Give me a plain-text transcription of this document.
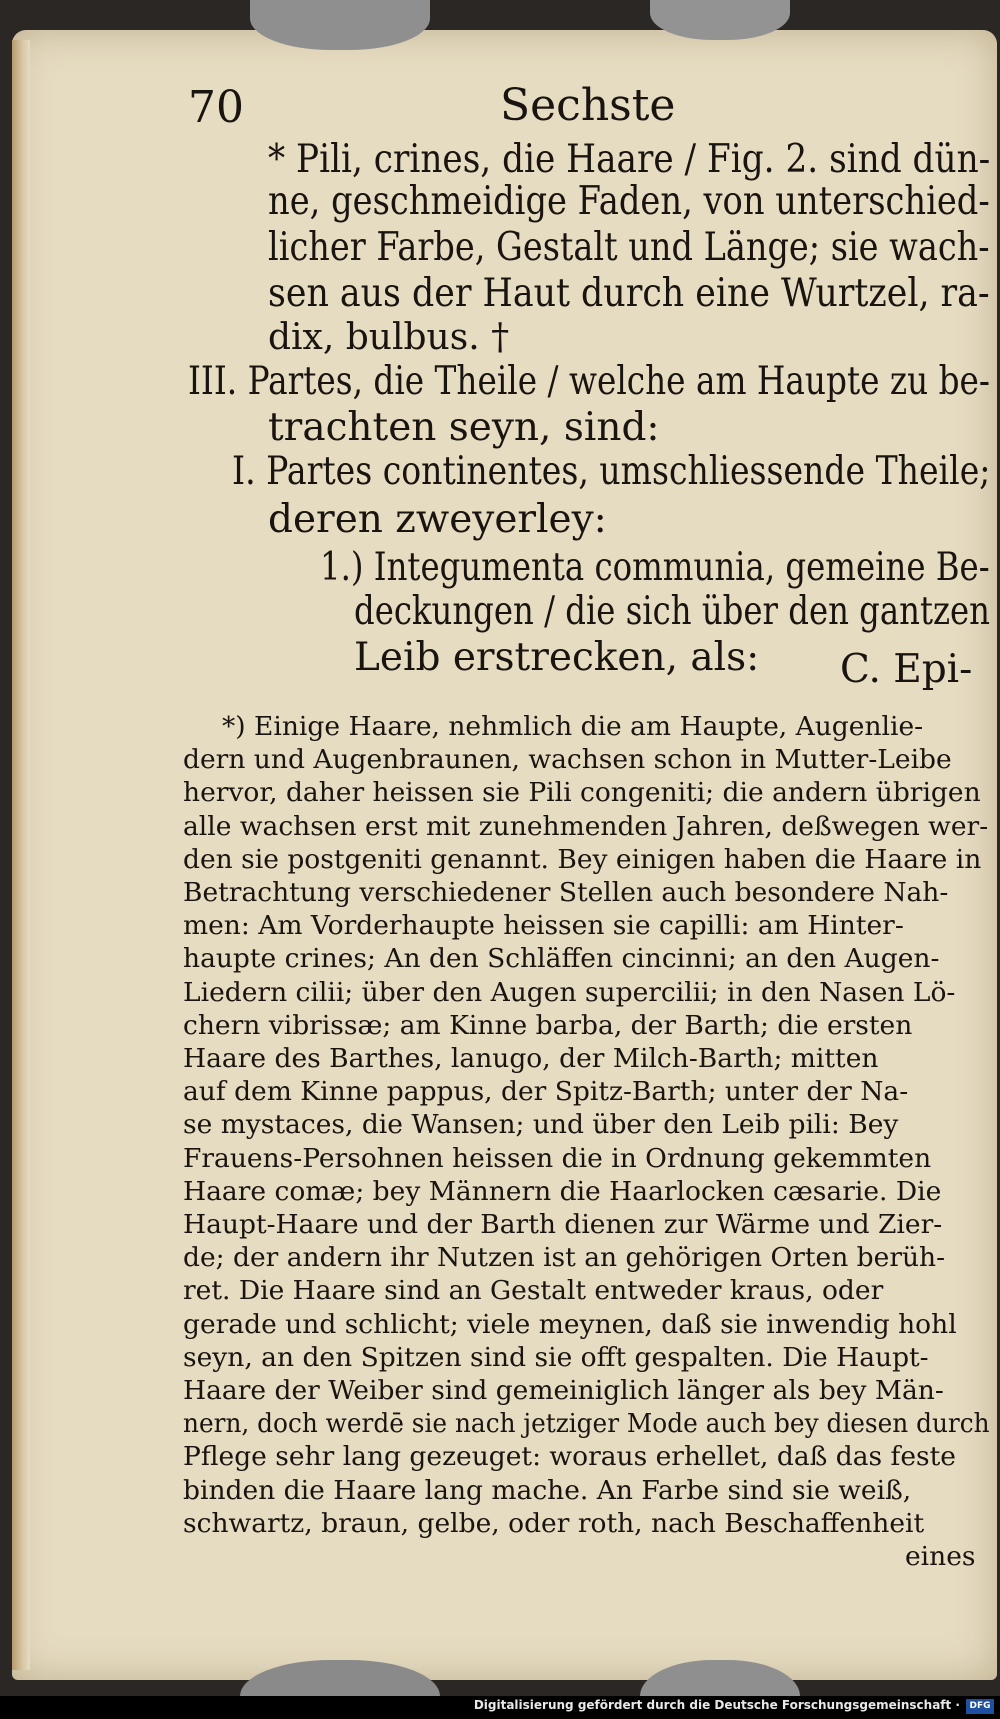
70	Sechste
* Pili, crines, die Haare / Fig. 2. sind dün-
ne, geschmeidige Faden, von unterschied-
licher Farbe, Gestalt und Länge; sie wach-
sen aus der Haut durch eine Wurtzel, ra-
dix, bulbus. †
III. Partes, die Theile / welche am Haupte zu be-
trachten seyn, sind:
I. Partes continentes, umschliessende Theile;
deren zweyerley:
1.) Integumenta communia, gemeine Be-
deckungen / die sich über den gantzen
Leib erstrecken, als: C. Epi-
*) Einige Haare, nehmlich die am Haupte, Augenlie-
dern und Augenbraunen, wachsen schon in Mutter-Leibe
hervor, daher heissen sie Pili congeniti; die andern übrigen
alle wachsen erst mit zunehmenden Jahren, deßwegen wer-
den sie postgeniti genannt. Bey einigen haben die Haare in
Betrachtung verschiedener Stellen auch besondere Nah-
men: Am Vorderhaupte heissen sie capilli: am Hinter-
haupte crines; An den Schläffen cincinni; an den Augen-
Liedern cilii; über den Augen supercilii; in den Nasen Lö-
chern vibrissæ; am Kinne barba, der Barth; die ersten
Haare des Barthes, lanugo, der Milch-Barth; mitten
auf dem Kinne pappus, der Spitz-Barth; unter der Na-
se mystaces, die Wansen; und über den Leib pili: Bey
Frauens-Persohnen heissen die in Ordnung gekemmten
Haare comæ; bey Männern die Haarlocken cæsarie. Die
Haupt-Haare und der Barth dienen zur Wärme und Zier-
de; der andern ihr Nutzen ist an gehörigen Orten berüh-
ret. Die Haare sind an Gestalt entweder kraus, oder
gerade und schlicht; viele meynen, daß sie inwendig hohl
seyn, an den Spitzen sind sie offt gespalten. Die Haupt-
Haare der Weiber sind gemeiniglich länger als bey Män-
nern, doch werdē sie nach jetziger Mode auch bey diesen durch
Pflege sehr lang gezeuget: woraus erhellet, daß das feste
binden die Haare lang mache. An Farbe sind sie weiß,
schwartz, braun, gelbe, oder roth, nach Beschaffenheit
eines
Digitalisierung gefördert durch die Deutsche Forschungsgemeinschaft ·	DFG
